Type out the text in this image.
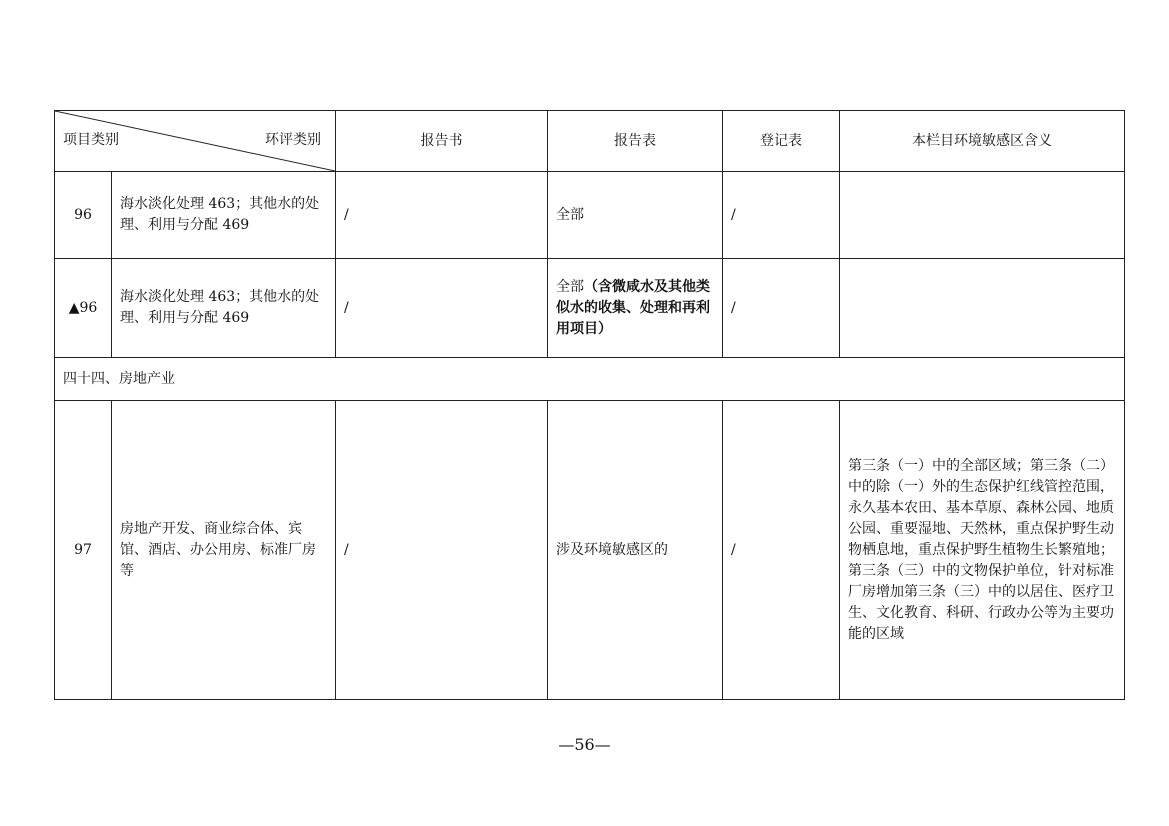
项目类别 环评类别		报告书	报告表	登记表	本栏目环境敏感区含义
96	海水淡化处理 463；其他水的处理、利用与分配 469	/	全部	/	
▲96	海水淡化处理 463；其他水的处理、利用与分配 469	/	全部（含微咸水及其他类似水的收集、处理和再利用项目）	/	
四十四、房地产业					
97	房地产开发、商业综合体、宾馆、酒店、办公用房、标准厂房等	/	涉及环境敏感区的	/	第三条（一）中的全部区域；第三条（二）中的除（一）外的生态保护红线管控范围，永久基本农田、基本草原、森林公园、地质公园、重要湿地、天然林，重点保护野生动物栖息地，重点保护野生植物生长繁殖地；第三条（三）中的文物保护单位，针对标准厂房增加第三条（三）中的以居住、医疗卫生、文化教育、科研、行政办公等为主要功能的区域
—56—
